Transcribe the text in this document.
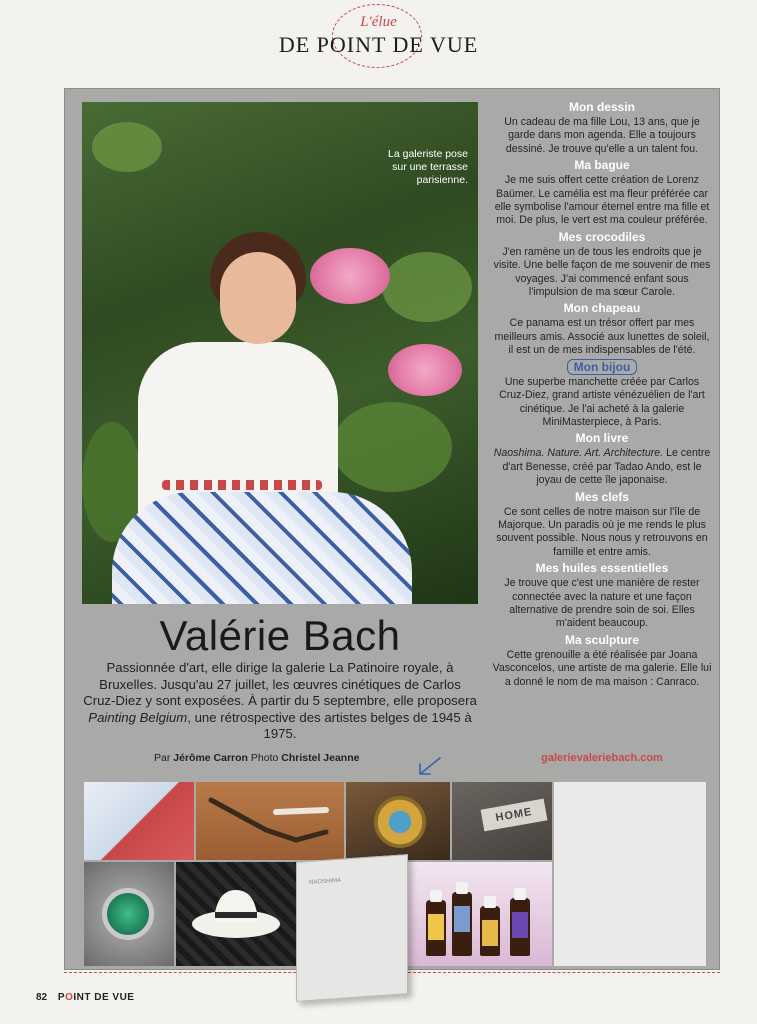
L'élue
DE POINT DE VUE
La galeriste pose sur une terrasse parisienne.
Valérie Bach
Passionnée d'art, elle dirige la galerie La Patinoire royale, à Bruxelles. Jusqu'au 27 juillet, les œuvres cinétiques de Carlos Cruz-Diez y sont exposées. À partir du 5 septembre, elle proposera Painting Belgium, une rétrospective des artistes belges de 1945 à 1975.
Par Jérôme Carron Photo Christel Jeanne
Mon dessin

Un cadeau de ma fille Lou, 13 ans, que je garde dans mon agenda. Elle a toujours dessiné. Je trouve qu'elle a un talent fou.

Ma bague

Je me suis offert cette création de Lorenz Baümer. Le camélia est ma fleur préférée car elle symbolise l'amour éternel entre ma fille et moi. De plus, le vert est ma couleur préférée.

Mes crocodiles

J'en ramène un de tous les endroits que je visite. Une belle façon de me souvenir de mes voyages. J'ai commencé enfant sous l'impulsion de ma sœur Carole.

Mon chapeau

Ce panama est un trésor offert par mes meilleurs amis. Associé aux lunettes de soleil, il est un de mes indispensables de l'été.

Mon bijou

Une superbe manchette créée par Carlos Cruz-Diez, grand artiste vénézuélien de l'art cinétique. Je l'ai acheté à la galerie MiniMasterpiece, à Paris.

Mon livre

Naoshima. Nature. Art. Architecture. Le centre d'art Benesse, créé par Tadao Ando, est le joyau de cette île japonaise.

Mes clefs

Ce sont celles de notre maison sur l'île de Majorque. Un paradis où je me rends le plus souvent possible. Nous nous y retrouvons en famille et entre amis.

Mes huiles essentielles

Je trouve que c'est une manière de rester connectée avec la nature et une façon alternative de prendre soin de soi. Elles m'aident beaucoup.

Ma sculpture

Cette grenouille a été réalisée par Joana Vasconcelos, une artiste de ma galerie. Elle lui a donné le nom de ma maison : Canraco.

galerievaleriebach.com
HOME
NAOSHIMA
82 POINT DE VUE
